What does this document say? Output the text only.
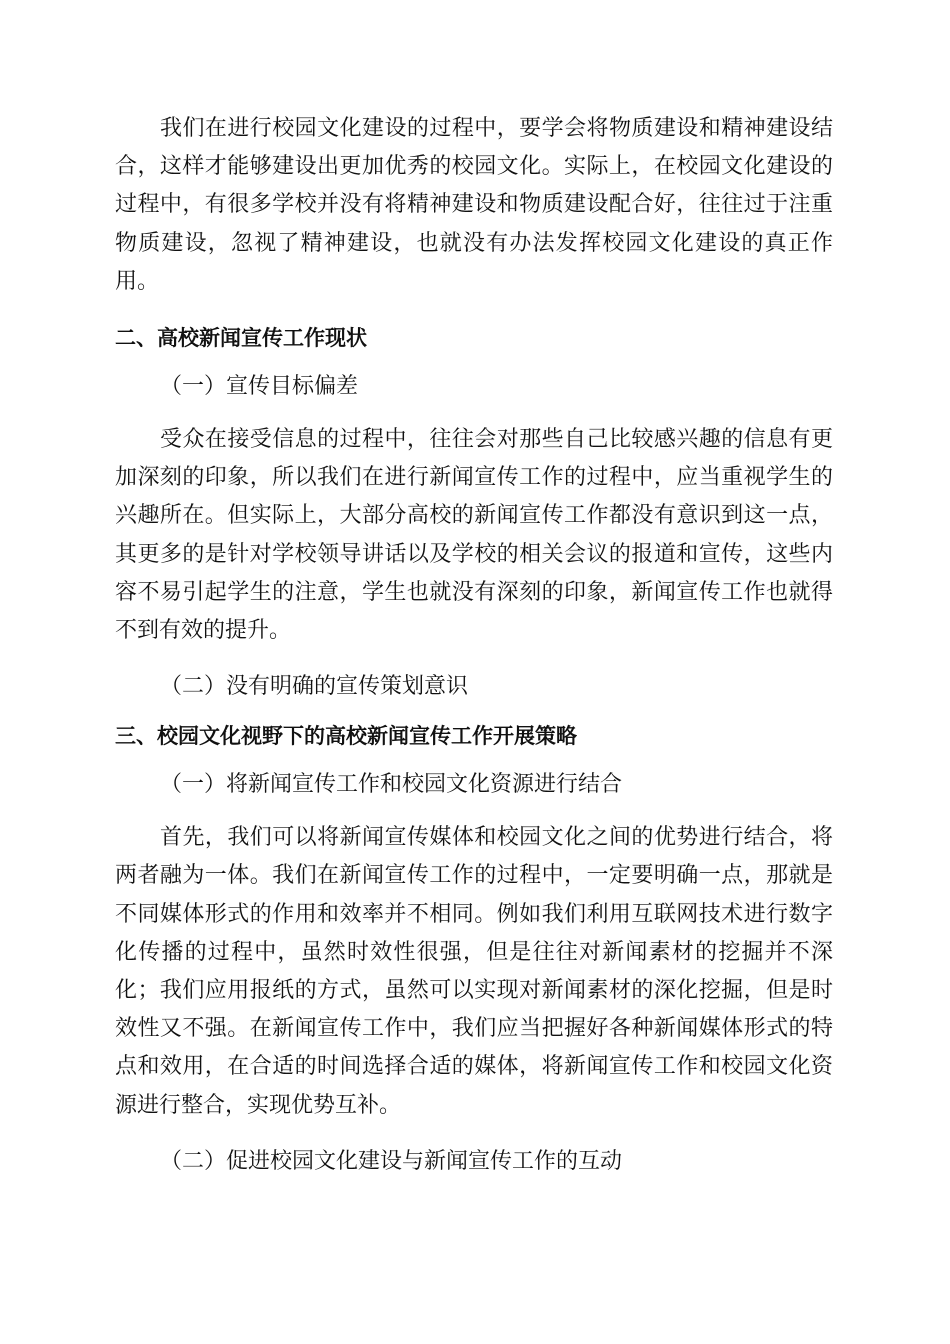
我们在进行校园文化建设的过程中，要学会将物质建设和精神建设结合，这样才能够建设出更加优秀的校园文化。实际上，在校园文化建设的过程中，有很多学校并没有将精神建设和物质建设配合好，往往过于注重物质建设，忽视了精神建设，也就没有办法发挥校园文化建设的真正作用。

二、高校新闻宣传工作现状

（一）宣传目标偏差

受众在接受信息的过程中，往往会对那些自己比较感兴趣的信息有更加深刻的印象，所以我们在进行新闻宣传工作的过程中，应当重视学生的兴趣所在。但实际上，大部分高校的新闻宣传工作都没有意识到这一点，其更多的是针对学校领导讲话以及学校的相关会议的报道和宣传，这些内容不易引起学生的注意，学生也就没有深刻的印象，新闻宣传工作也就得不到有效的提升。

（二）没有明确的宣传策划意识

三、校园文化视野下的高校新闻宣传工作开展策略

（一）将新闻宣传工作和校园文化资源进行结合

首先，我们可以将新闻宣传媒体和校园文化之间的优势进行结合，将两者融为一体。我们在新闻宣传工作的过程中，一定要明确一点，那就是不同媒体形式的作用和效率并不相同。例如我们利用互联网技术进行数字化传播的过程中，虽然时效性很强，但是往往对新闻素材的挖掘并不深化；我们应用报纸的方式，虽然可以实现对新闻素材的深化挖掘，但是时效性又不强。在新闻宣传工作中，我们应当把握好各种新闻媒体形式的特点和效用，在合适的时间选择合适的媒体，将新闻宣传工作和校园文化资源进行整合，实现优势互补。

（二）促进校园文化建设与新闻宣传工作的互动
